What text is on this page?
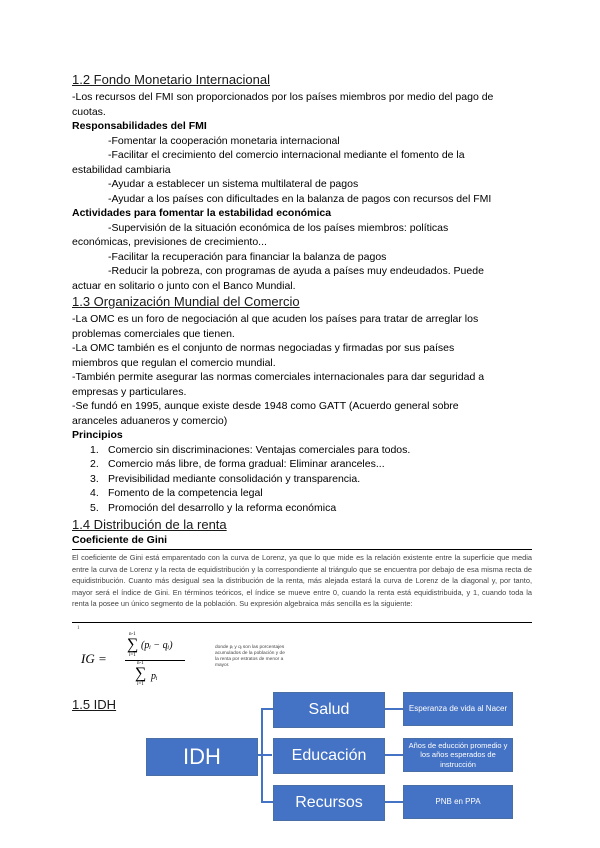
1.2 Fondo Monetario Internacional
-Los recursos del FMI son proporcionados por los países miembros por medio del pago de
cuotas.
Responsabilidades del FMI
-Fomentar la cooperación monetaria internacional
-Facilitar el crecimiento del comercio internacional mediante el fomento de la
estabilidad cambiaria
-Ayudar a establecer un sistema multilateral de pagos
-Ayudar a los países con dificultades en la balanza de pagos con recursos del FMI
Actividades para fomentar la estabilidad económica
-Supervisión de la situación económica de los países miembros: políticas
económicas, previsiones de crecimiento...
-Facilitar la recuperación para financiar la balanza de pagos
-Reducir la pobreza, con programas de ayuda a países muy endeudados. Puede
actuar en solitario o junto con el Banco Mundial.
1.3 Organización Mundial del Comercio
-La OMC es un foro de negociación al que acuden los países para tratar de arreglar los
problemas comerciales que tienen.
-La OMC también es el conjunto de normas negociadas y firmadas por sus países
miembros que regulan el comercio mundial.
-También permite asegurar las normas comerciales internacionales para dar seguridad a
empresas y particulares.
-Se fundó en 1995, aunque existe desde 1948 como GATT (Acuerdo general sobre
aranceles aduaneros y comercio)
Principios
1. Comercio sin discriminaciones: Ventajas comerciales para todos.
2. Comercio más libre, de forma gradual: Eliminar aranceles...
3. Previsibilidad mediante consolidación y transparencia.
4. Fomento de la competencia legal
5. Promoción del desarrollo y la reforma económica
1.4 Distribución de la renta
Coeficiente de Gini
El coeficiente de Gini está emparentado con la curva de Lorenz, ya que lo que mide es la relación existente entre la superficie que media entre la curva de Lorenz y la recta de equidistribución y la correspondiente al triángulo que se encuentra por debajo de esa misma recta de equidistribución. Cuanto más desigual sea la distribución de la renta, más alejada estará la curva de Lorenz de la diagonal y, por tanto, mayor será el índice de Gini. En términos teóricos, el índice se mueve entre 0, cuando la renta está equidistribuida, y 1, cuando toda la renta la posee un único segmento de la población. Su expresión algebraica más sencilla es la siguiente:
1
IG =
n-1
∑
i=1
(pᵢ − qᵢ)
n-1
∑
i=1
pᵢ
donde pᵢ y qᵢ son las porcentajes acumulados de la población y de la renta por estratos de menor a mayor.
1.5 IDH
IDH
Salud
Educación
Recursos
Esperanza de vida al Nacer
Años de educción promedio y los años esperados de instrucción
PNB en PPA
